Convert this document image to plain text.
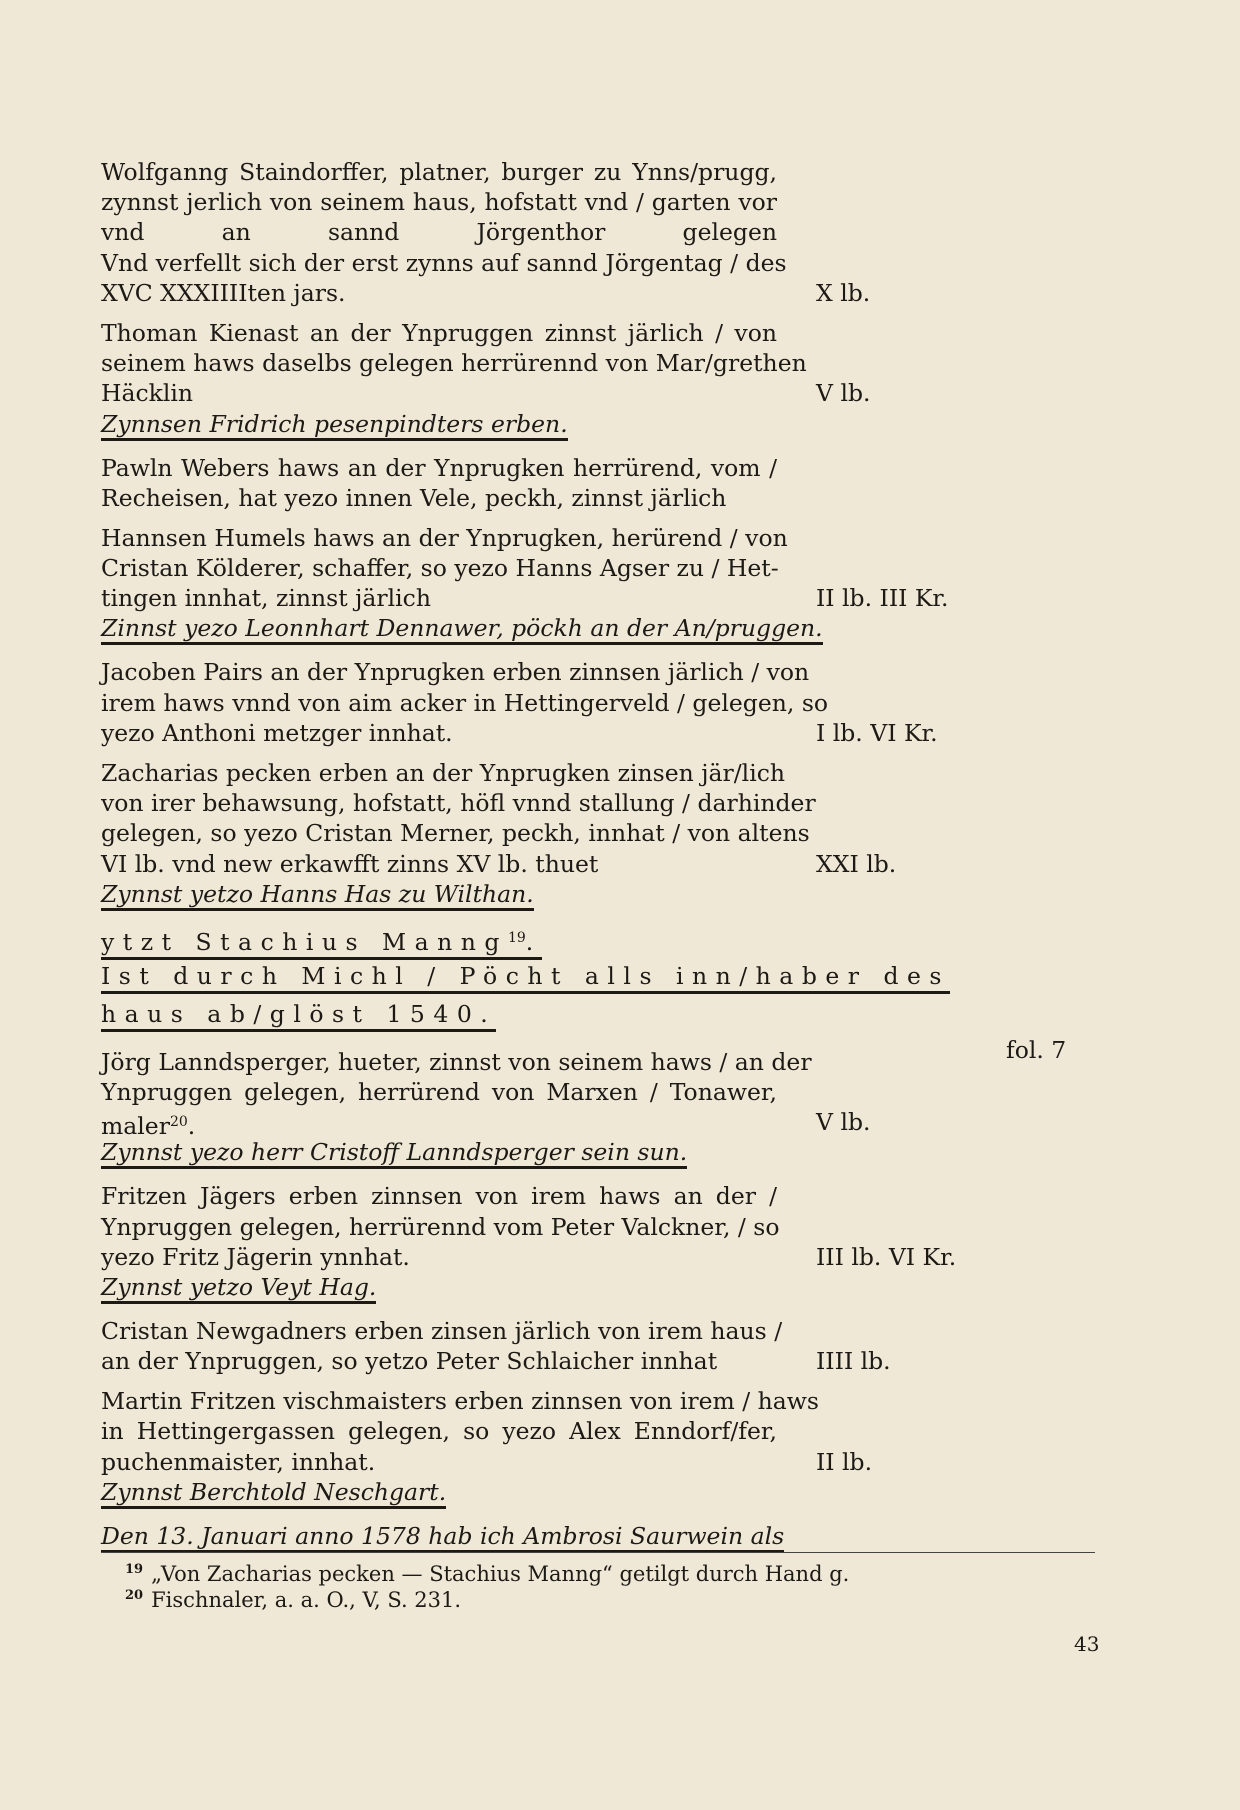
Wolfganng Staindorffer, platner, burger zu Ynns/prugg,
zynnst jerlich von seinem haus, hofstatt vnd / garten vor
vnd an sannd Jörgenthor gelegen
Vnd verfellt sich der erst zynns auf sannd Jörgentag / des
XVC XXXIIIIten jars.	X lb.
Thoman Kienast an der Ynpruggen zinnst järlich / von
seinem haws daselbs gelegen herrürennd von Mar/grethen
Häcklin	V lb.
Zynnsen Fridrich pesenpindters erben.
Pawln Webers haws an der Ynprugken herrürend, vom /
Recheisen, hat yezo innen Vele, peckh, zinnst järlich
Hannsen Humels haws an der Ynprugken, herürend / von
Cristan Kölderer, schaffer, so yezo Hanns Agser zu / Het-
tingen innhat, zinnst järlich	II lb. III Kr.
Zinnst yezo Leonnhart Dennawer, pöckh an der An/pruggen.
Jacoben Pairs an der Ynprugken erben zinnsen järlich / von
irem haws vnnd von aim acker in Hettingerveld / gelegen, so
yezo Anthoni metzger innhat.	I lb. VI Kr.
Zacharias pecken erben an der Ynprugken zinsen jär/lich
von irer behawsung, hofstatt, höfl vnnd stallung / darhinder
gelegen, so yezo Cristan Merner, peckh, innhat / von altens
VI lb. vnd new erkawfft zinns XV lb. thuet	XXI lb.
Zynnst yetzo Hanns Has zu Wilthan.
ytzt Stachius Manng$^{19}$.
Ist durch Michl / Pöcht alls inn/haber des
haus ab/glöst 1540.
Jörg Lanndsperger, hueter, zinnst von seinem haws / an der
Ynpruggen gelegen, herrürend von Marxen / Tonawer,
maler$^{20}$.	V lb.
Zynnst yezo herr Cristoff Lanndsperger sein sun.
Fritzen Jägers erben zinnsen von irem haws an der /
Ynpruggen gelegen, herrürennd vom Peter Valckner, / so
yezo Fritz Jägerin ynnhat.	III lb. VI Kr.
Zynnst yetzo Veyt Hag.
Cristan Newgadners erben zinsen järlich von irem haus /
an der Ynpruggen, so yetzo Peter Schlaicher innhat	IIII lb.
Martin Fritzen vischmaisters erben zinnsen von irem / haws
in Hettingergassen gelegen, so yezo Alex Enndorf/fer,
puchenmaister, innhat.	II lb.
Zynnst Berchtold Neschgart.
Den 13. Januari anno 1578 hab ich Ambrosi Saurwein als
fol. 7
$^{19}$ „Von Zacharias pecken — Stachius Manng“ getilgt durch Hand g.
$^{20}$ Fischnaler, a. a. O., V, S. 231.
43
